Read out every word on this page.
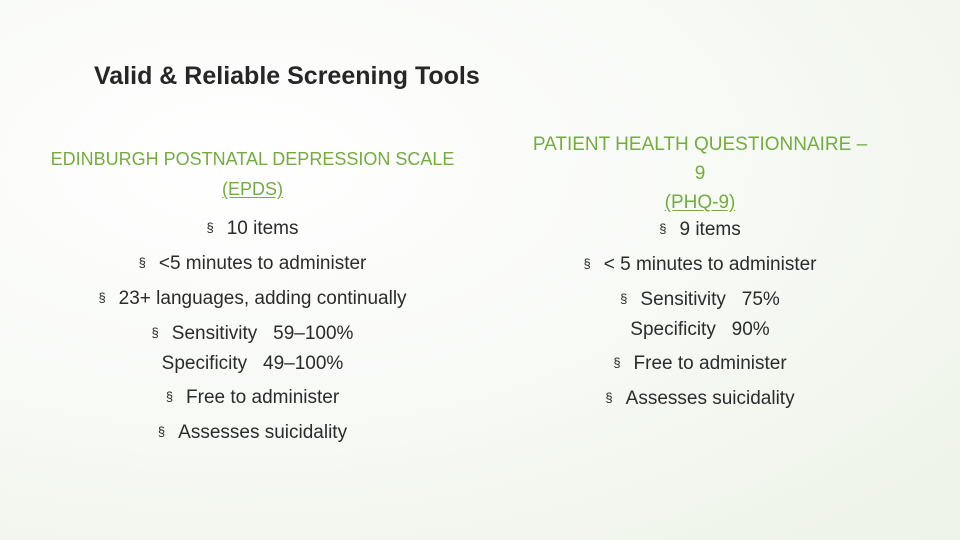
Valid & Reliable Screening Tools
EDINBURGH POSTNATAL DEPRESSION SCALE
(EPDS)
§ 10 items
§ <5 minutes to administer
§ 23+ languages, adding continually
§ Sensitivity   59–100%
Specificity   49–100%
§ Free to administer
§ Assesses suicidality
PATIENT HEALTH QUESTIONNAIRE –
9
(PHQ-9)
§ 9 items
§ < 5 minutes to administer
§ Sensitivity   75%
Specificity   90%
§ Free to administer
§ Assesses suicidality
